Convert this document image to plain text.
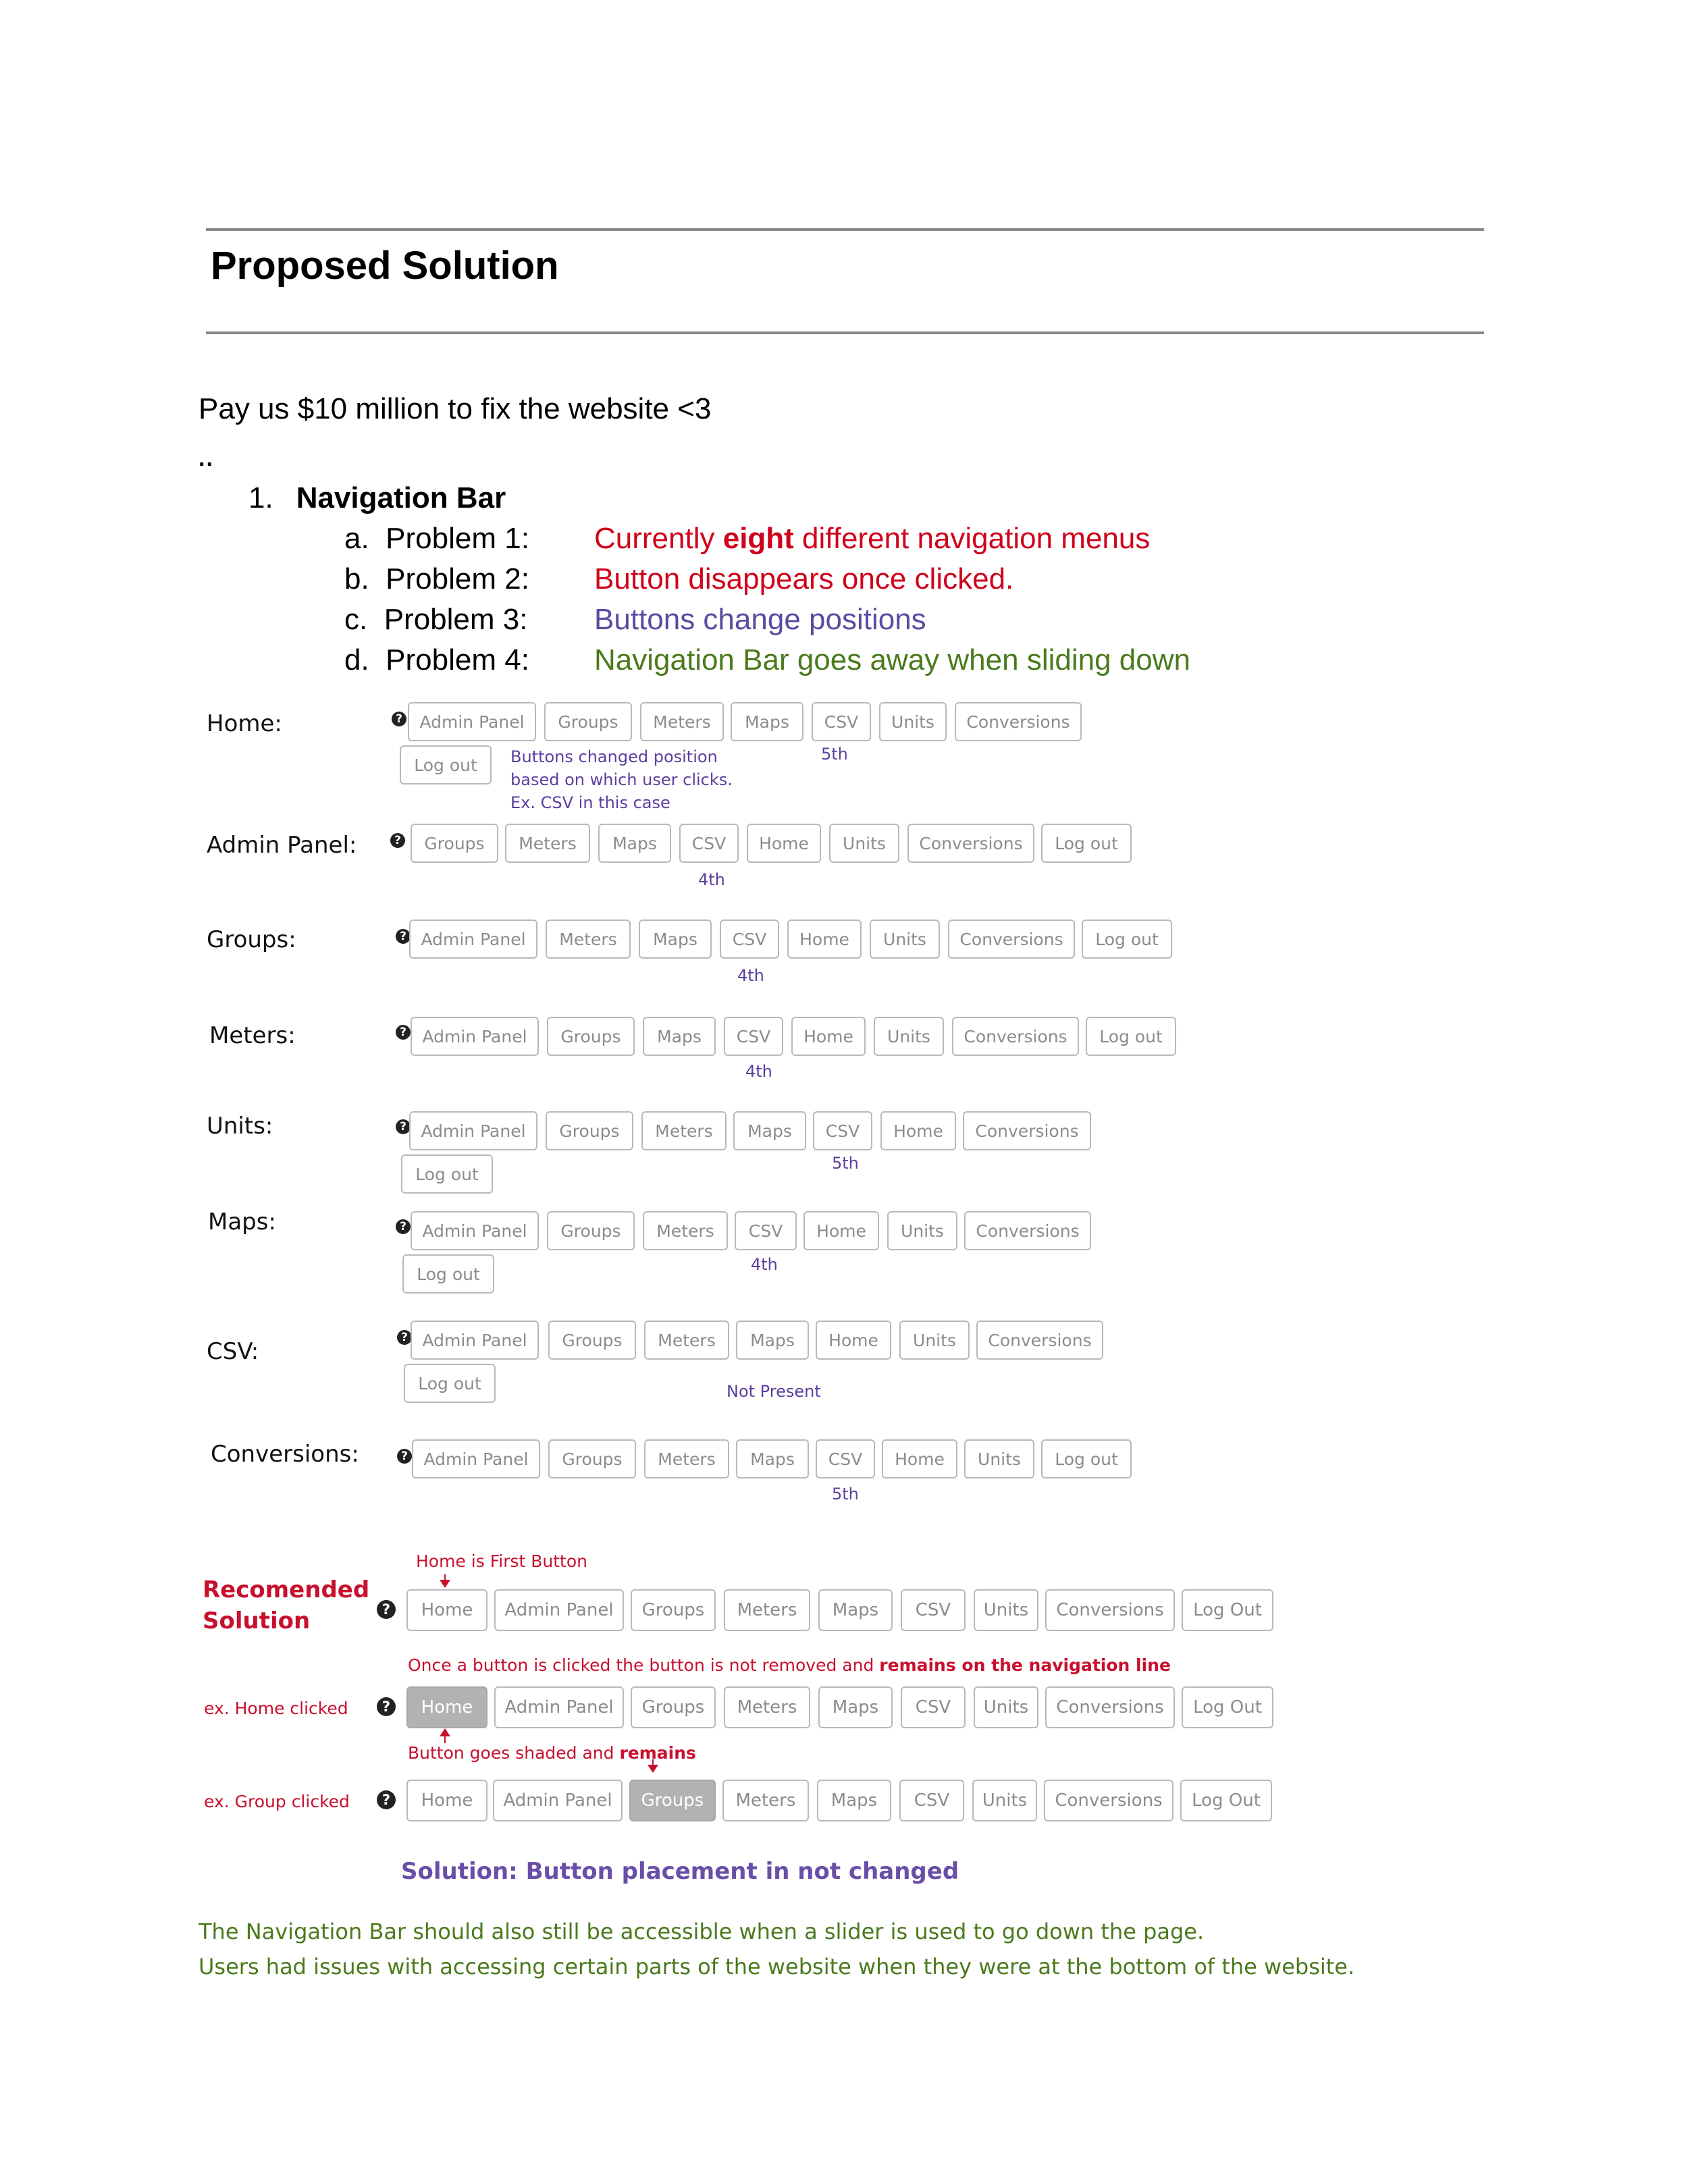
Proposed Solution
Pay us $10 million to fix the website <3
..
1. Navigation Bar
a. Problem 1: Currently eight different navigation menus
b. Problem 2: Button disappears once clicked.
c. Problem 3: Buttons change positions
d. Problem 4: Navigation Bar goes away when sliding down
Home:	?	Admin Panel	Groups	Meters	Maps	CSV	Units	Conversions
Log out
5th
Buttons changed position
based on which user clicks.
Ex. CSV in this case
Admin Panel:	?	Groups	Meters	Maps	CSV	Home	Units	Conversions	Log out
4th
Groups:	? Admin Panel	Meters	Maps	CSV	Home	Units	Conversions	Log out
4th
Meters:	? Admin Panel	Groups	Maps	CSV	Home	Units	Conversions	Log out
4th
Units:	? Admin Panel	Groups	Meters	Maps	CSV	Home	Conversions
Log out
5th
Maps:	? Admin Panel	Groups	Meters	CSV	Home	Units	Conversions
Log out	4th
CSV:
? Admin Panel	Groups	Meters	Maps	Home	Units	Conversions
Log out	Not Present
Conversions:	? Admin Panel	Groups	Meters	Maps	CSV	Home	Units	Log out
5th
Recomended
Solution
Home is First Button
?	Home	Admin Panel	Groups	Meters	Maps	CSV	Units	Conversions	Log Out
Once a button is clicked the button is not removed and remains on the navigation line
ex. Home clicked	?	Home	Admin Panel	Groups	Meters	Maps	CSV	Units	Conversions	Log Out
Button goes shaded and remains
ex. Group clicked	?	Home	Admin Panel	Groups	Meters	Maps	CSV	Units	Conversions	Log Out
Solution: Button placement in not changed
The Navigation Bar should also still be accessible when a slider is used to go down the page.
Users had issues with accessing certain parts of the website when they were at the bottom of the website.
